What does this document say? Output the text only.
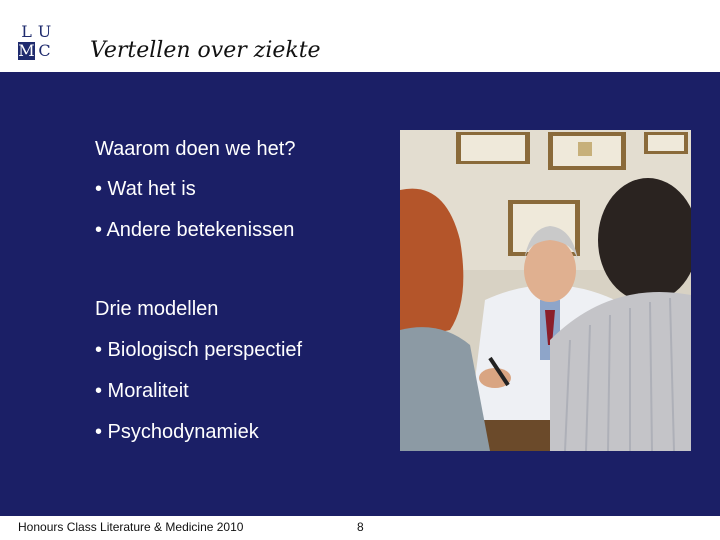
L U
M C Vertellen over ziekte
Waarom doen we het?
• Wat het is
• Andere betekenissen
Drie modellen
• Biologisch perspectief
• Moraliteit
• Psychodynamiek
Honours Class Literature & Medicine 2010	8
